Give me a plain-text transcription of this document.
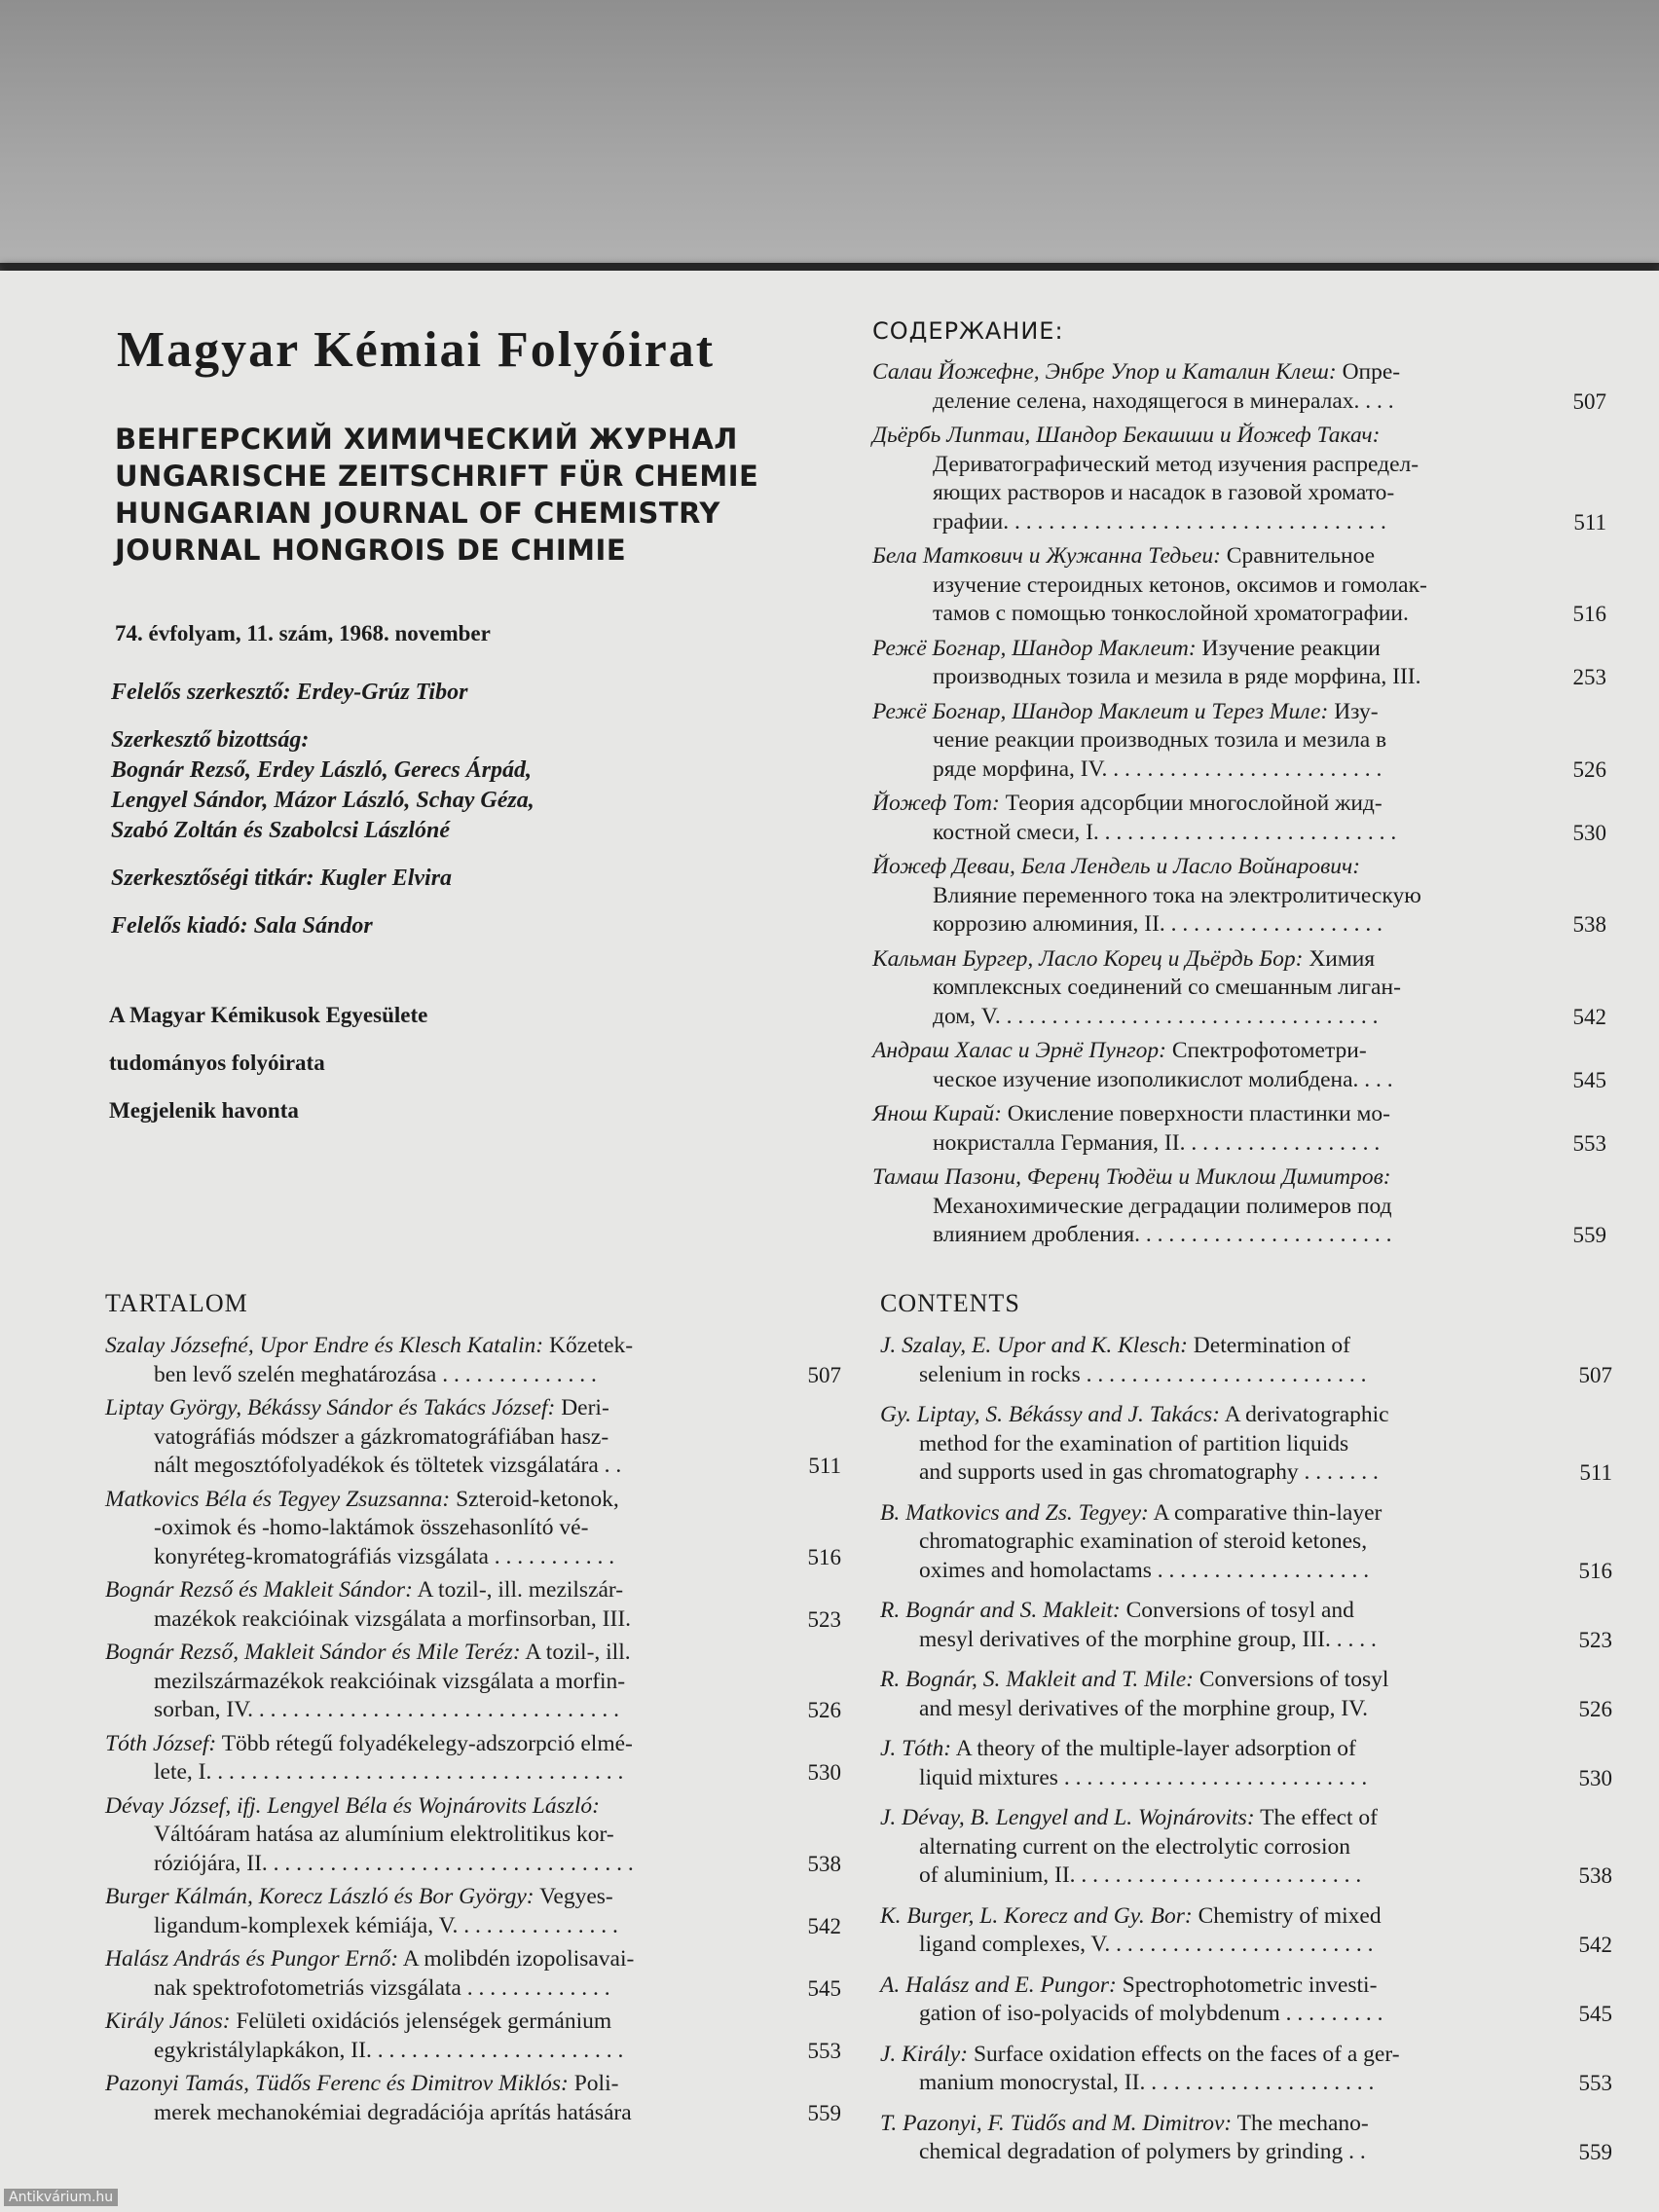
Magyar Kémiai Folyóirat
ВЕНГЕРСКИЙ ХИМИЧЕСКИЙ ЖУРНАЛ
UNGARISCHE ZEITSCHRIFT FÜR CHEMIE
HUNGARIAN JOURNAL OF CHEMISTRY
JOURNAL HONGROIS DE CHIMIE
74. évfolyam, 11. szám, 1968. november
Felelős szerkesztő: Erdey-Grúz Tibor
Szerkesztő bizottság:
Bognár Rezső, Erdey László, Gerecs Árpád,
Lengyel Sándor, Mázor László, Schay Géza,
Szabó Zoltán és Szabolcsi Lászlóné
Szerkesztőségi titkár: Kugler Elvira
Felelős kiadó: Sala Sándor
A Magyar Kémikusok Egyesülete
tudományos folyóirata
Megjelenik havonta
СОДЕРЖАНИЕ:
Салаи Йожефне, Энбре Упор и Каталин Клеш: Опре-
деление селена, находящегося в минералах. . . .	507
Дьёрбь Липтаи, Шандор Бекашши и Йожеф Такач:
Дериватографический метод изучения распредел-
яющих растворов и насадок в газовой хромато-
графии. . . . . . . . . . . . . . . . . . . . . . . . . . . . . . . . . .	511
Бела Маткович и Жужанна Тедьеи: Сравнительное
изучение стероидных кетонов, оксимов и гомолак-
тамов с помощью тонкослойной хроматографии.	516
Режё Богнар, Шандор Маклеит: Изучение реакции
производных тозила и мезила в ряде морфина, III.	253
Режё Богнар, Шандор Маклеит и Терез Миле: Изу-
чение реакции производных тозила и мезила в
ряде морфина, IV. . . . . . . . . . . . . . . . . . . . . . . . .	526
Йожеф Тот: Теория адсорбции многослойной жид-
костной смеси, I. . . . . . . . . . . . . . . . . . . . . . . . . . .	530
Йожеф Деваи, Бела Лендель и Ласло Войнарович:
Влияние переменного тока на электролитическую
коррозию алюминия, II. . . . . . . . . . . . . . . . . . . .	538
Кальман Бургер, Ласло Корец и Дьёрдь Бор: Химия
комплексных соединений со смешанным лиган-
дом, V. . . . . . . . . . . . . . . . . . . . . . . . . . . . . . . . . .	542
Андраш Халас и Эрнё Пунгор: Спектрофотометри-
ческое изучение изополикислот молибдена. . . .	545
Янош Кирай: Окисление поверхности пластинки мо-
нокристалла Германия, II. . . . . . . . . . . . . . . . . .	553
Тамаш Пазони, Ференц Тюдёш и Миклош Димитров:
Механохимические деградации полимеров под
влиянием дробления. . . . . . . . . . . . . . . . . . . . . . .	559
TARTALOM
Szalay Józsefné, Upor Endre és Klesch Katalin: Kőzetek-
ben levő szelén meghatározása . . . . . . . . . . . . . .	507
Liptay György, Békássy Sándor és Takács József: Deri-
vatográfiás módszer a gázkromatográfiában hasz-
nált megosztófolyadékok és töltetek vizsgálatára . .	511
Matkovics Béla és Tegyey Zsuzsanna: Szteroid-ketonok,
-oximok és -homo-laktámok összehasonlító vé-
konyréteg-kromatográfiás vizsgálata . . . . . . . . . . .	516
Bognár Rezső és Makleit Sándor: A tozil-, ill. mezilszár-
mazékok reakcióinak vizsgálata a morfinsorban, III.	523
Bognár Rezső, Makleit Sándor és Mile Teréz: A tozil-, ill.
mezilszármazékok reakcióinak vizsgálata a morfin-
sorban, IV. . . . . . . . . . . . . . . . . . . . . . . . . . . . . . . . .	526
Tóth József: Több rétegű folyadékelegy-adszorpció elmé-
lete, I. . . . . . . . . . . . . . . . . . . . . . . . . . . . . . . . . . . . .	530
Dévay József, ifj. Lengyel Béla és Wojnárovits László:
Váltóáram hatása az alumínium elektrolitikus kor-
róziójára, II. . . . . . . . . . . . . . . . . . . . . . . . . . . . . . . . .	538
Burger Kálmán, Korecz László és Bor György: Vegyes-
ligandum-komplexek kémiája, V. . . . . . . . . . . . . . .	542
Halász András és Pungor Ernő: A molibdén izopolisavai-
nak spektrofotometriás vizsgálata . . . . . . . . . . . . .	545
Király János: Felületi oxidációs jelenségek germánium
egykristálylapkákon, II. . . . . . . . . . . . . . . . . . . . . . .	553
Pazonyi Tamás, Tüdős Ferenc és Dimitrov Miklós: Poli-
merek mechanokémiai degradációja aprítás hatására	559
CONTENTS
J. Szalay, E. Upor and K. Klesch: Determination of
selenium in rocks . . . . . . . . . . . . . . . . . . . . . . . . .	507
Gy. Liptay, S. Békássy and J. Takács: A derivatographic
method for the examination of partition liquids
and supports used in gas chromatography . . . . . . .	511
B. Matkovics and Zs. Tegyey: A comparative thin-layer
chromatographic examination of steroid ketones,
oximes and homolactams . . . . . . . . . . . . . . . . . . .	516
R. Bognár and S. Makleit: Conversions of tosyl and
mesyl derivatives of the morphine group, III. . . . .	523
R. Bognár, S. Makleit and T. Mile: Conversions of tosyl
and mesyl derivatives of the morphine group, IV.	526
J. Tóth: A theory of the multiple-layer adsorption of
liquid mixtures . . . . . . . . . . . . . . . . . . . . . . . . . . .	530
J. Dévay, B. Lengyel and L. Wojnárovits: The effect of
alternating current on the electrolytic corrosion
of aluminium, II. . . . . . . . . . . . . . . . . . . . . . . . . .	538
K. Burger, L. Korecz and Gy. Bor: Chemistry of mixed
ligand complexes, V. . . . . . . . . . . . . . . . . . . . . . . .	542
A. Halász and E. Pungor: Spectrophotometric investi-
gation of iso-polyacids of molybdenum . . . . . . . . .	545
J. Király: Surface oxidation effects on the faces of a ger-
manium monocrystal, II. . . . . . . . . . . . . . . . . . . . .	553
T. Pazonyi, F. Tüdős and M. Dimitrov: The mechano-
chemical degradation of polymers by grinding . .	559
Antikvárium.hu
